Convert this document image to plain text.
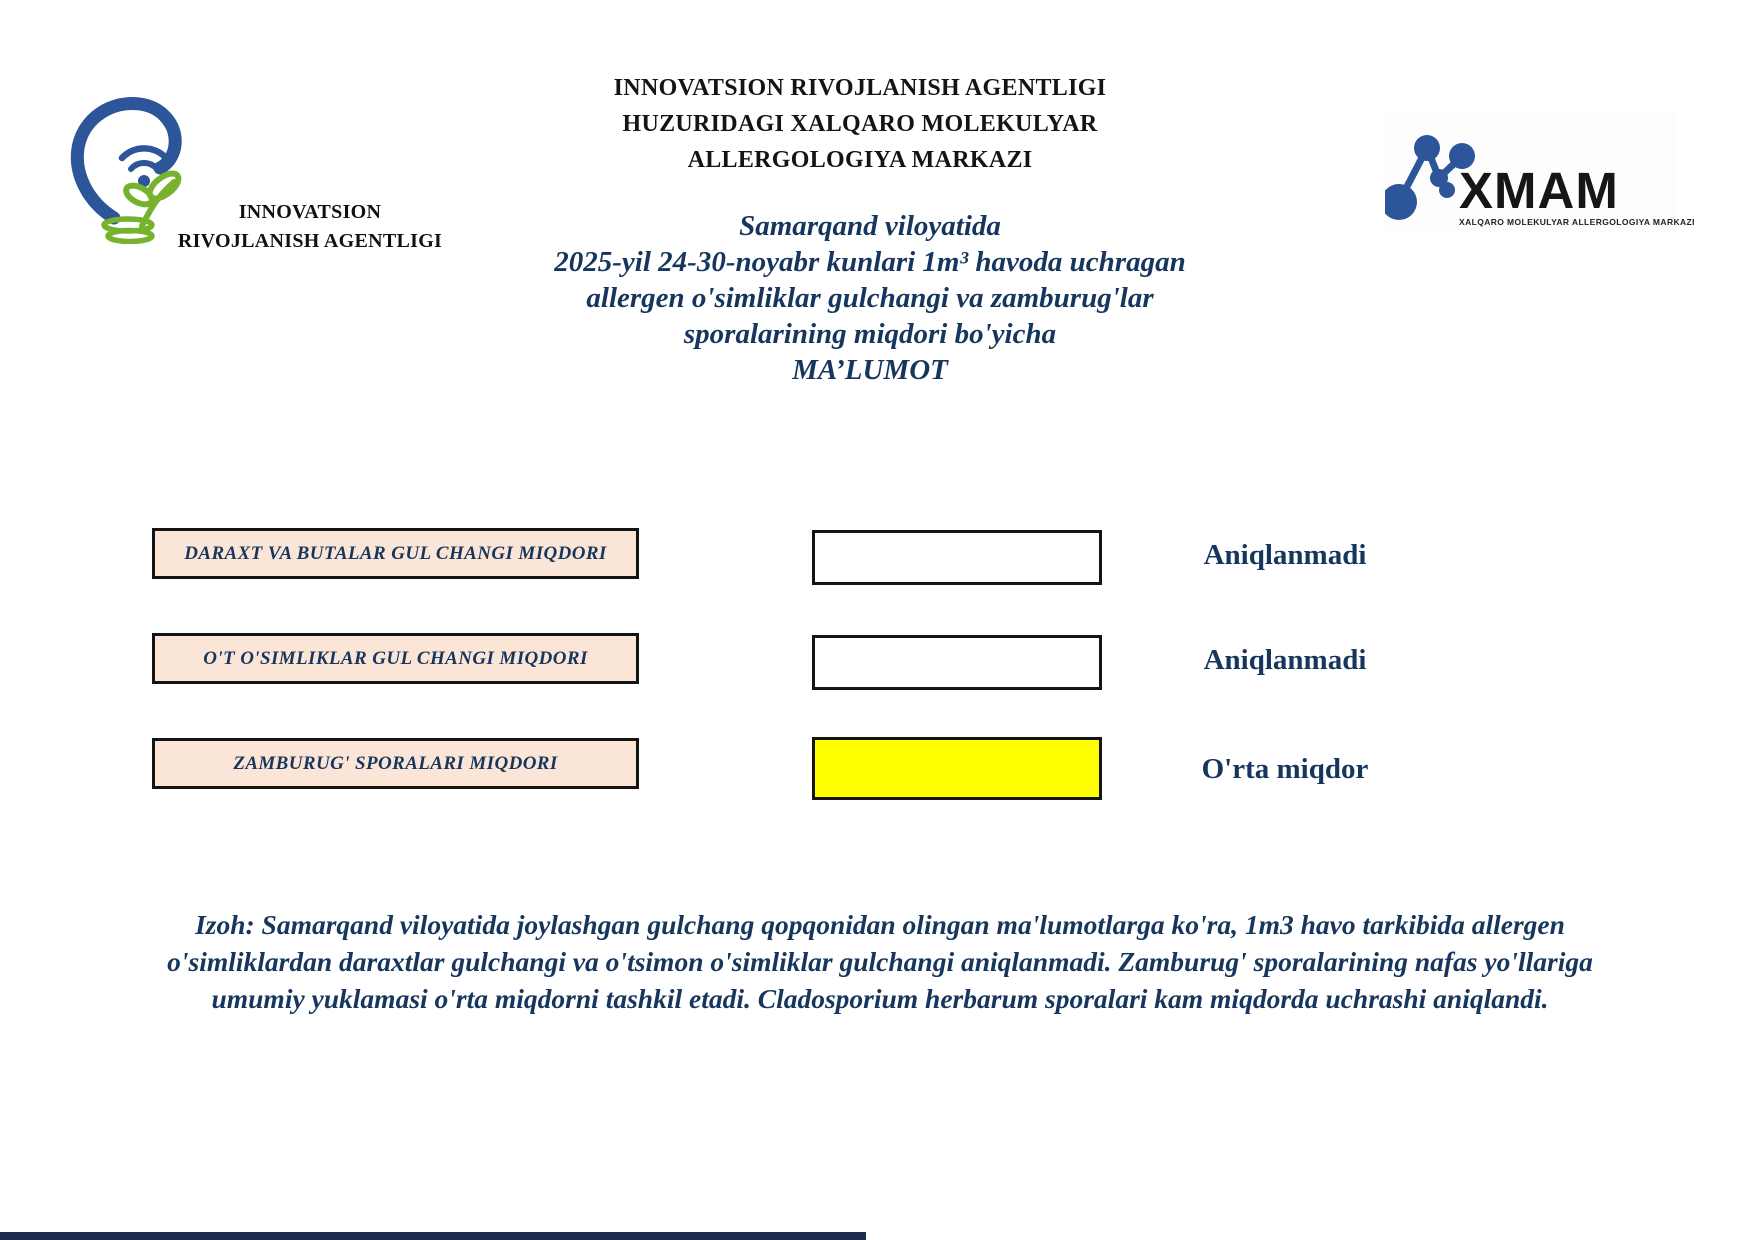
INNOVATSION
RIVOJLANISH AGENTLIGI
INNOVATSION RIVOJLANISH AGENTLIGI
HUZURIDAGI XALQARO MOLEKULYAR
ALLERGOLOGIYA MARKAZI
Samarqand viloyatida
2025-yil 24-30-noyabr kunlari 1m³ havoda uchragan
allergen o'simliklar gulchangi va zamburug'lar
sporalarining miqdori bo'yicha
MA’LUMOT
XMAM
XALQARO MOLEKULYAR ALLERGOLOGIYA MARKAZI
DARAXT VA BUTALAR GUL CHANGI MIQDORI	Aniqlanmadi
O'T O'SIMLIKLAR GUL CHANGI MIQDORI	Aniqlanmadi
ZAMBURUG' SPORALARI MIQDORI	O'rta miqdor
Izoh: Samarqand viloyatida joylashgan gulchang qopqonidan olingan ma'lumotlarga ko'ra, 1m3 havo tarkibida allergen o'simliklardan daraxtlar gulchangi va o'tsimon o'simliklar gulchangi aniqlanmadi. Zamburug' sporalarining nafas yo'llariga umumiy yuklamasi o'rta miqdorni tashkil etadi. Cladosporium herbarum sporalari kam miqdorda uchrashi aniqlandi.
